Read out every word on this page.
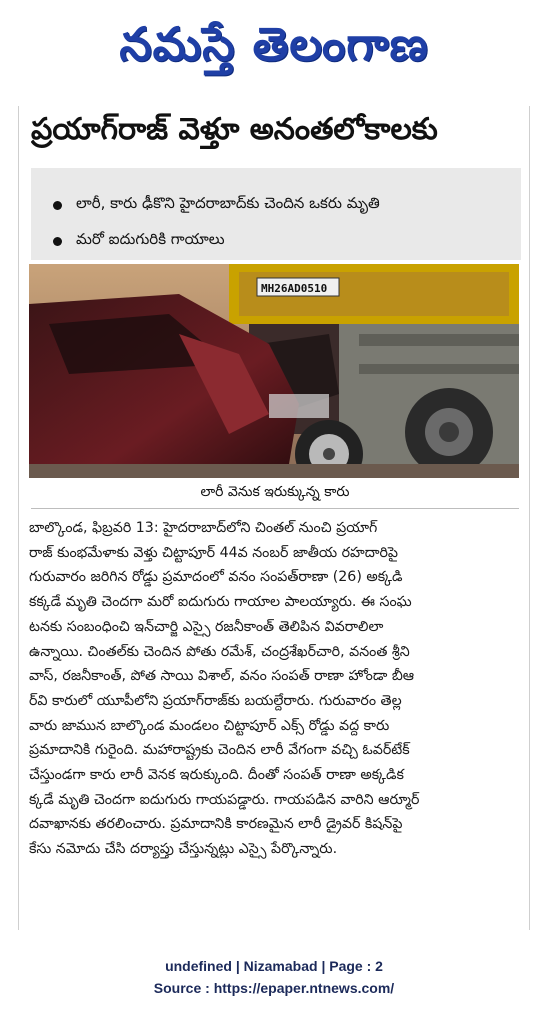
నమస్తే తెలంగాణ
ప్రయాగ్‌రాజ్ వెళ్తూ అనంతలోకాలకు
లారీ, కారు ఢీకొని హైదరాబాద్‌కు చెందిన ఒకరు మృతి
మరో ఐదుగురికి గాయాలు
MH26AD0510
లారీ వెనుక ఇరుక్కున్న కారు
బాల్కొండ, ఫిబ్రవరి 13: హైదరాబాద్‌లోని చింతల్ నుంచి ప్రయాగ్
రాజ్ కుంభమేళాకు వెళ్తు చిట్టాపూర్ 44వ నంబర్ జాతీయ రహదారిపై
గురువారం జరిగిన రోడ్డు ప్రమాదంలో వనం సంపత్‌రాణా (26) అక్కడి
కక్కడే మృతి చెందగా మరో ఐదుగురు గాయాల పాలయ్యారు. ఈ సంఘ
టనకు సంబంధించి ఇన్‌చార్జి ఎస్సై రజనీకాంత్ తెలిపిన వివరాలిలా
ఉన్నాయి. చింతల్‌కు చెందిన పోతు రమేశ్, చంద్రశేఖర్‌చారి, వనంత శ్రీని
వాస్, రజనీకాంత్, పోత సాయి విశాల్, వనం సంపత్ రాణా హోండా బీఆ
ర్‌వి కారులో యూపీలోని ప్రయాగ్‌రాజ్‌కు బయల్దేరారు. గురువారం తెల్ల
వారు జామున బాల్కొండ మండలం చిట్టాపూర్ ఎక్స్ రోడ్డు వద్ద కారు
ప్రమాదానికి గురైంది. మహారాష్ట్రకు చెందిన లారీ వేగంగా వచ్చి ఓవర్‌టేక్
చేస్తుండగా కారు లారీ వెనక ఇరుక్కుంది. దీంతో సంపత్ రాణా అక్కడిక
క్కడే మృతి చెందగా ఐదుగురు గాయపడ్డారు. గాయపడిన వారిని ఆర్మూర్
దవాఖానకు తరలించారు. ప్రమాదానికి కారణమైన లారీ డ్రైవర్ కిషన్‌పై
కేసు నమోదు చేసి దర్యాప్తు చేస్తున్నట్లు ఎస్సై పేర్కొన్నారు.
undefined | Nizamabad | Page : 2
Source : https://epaper.ntnews.com/
